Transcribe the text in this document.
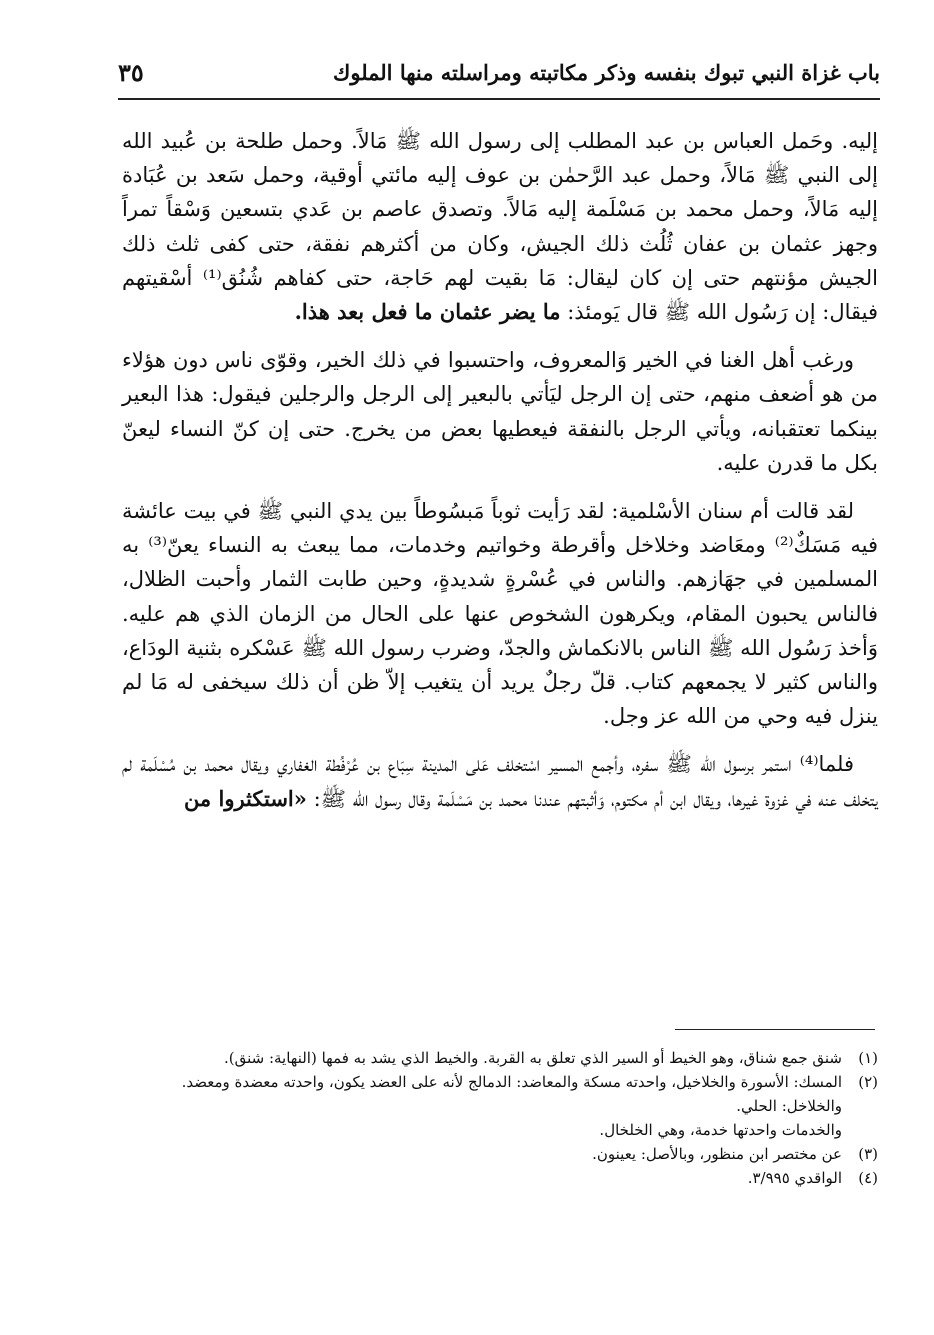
باب غزاة النبي تبوك بنفسه وذكر مكاتبته ومراسلته منها الملوك
٣٥

إليه. وحَمل العباس بن عبد المطلب إلى رسول الله ﷺ مَالاً. وحمل طلحة بن عُبيد الله إلى النبي ﷺ مَالاً، وحمل عبد الرَّحمٰن بن عوف إليه مائتي أوقية، وحمل سَعد بن عُبَادة إليه مَالاً، وحمل محمد بن مَسْلَمة إليه مَالاً. وتصدق عاصم بن عَدي بتسعين وَسْقاً تمراً وجهز عثمان بن عفان ثُلُث ذلك الجيش، وكان من أكثرهم نفقة، حتى كفى ثلث ذلك الجيش مؤنتهم حتى إن كان ليقال: مَا بقيت لهم حَاجة، حتى كفاهم شُنُق⁽¹⁾ أسْقيتهم فيقال: إن رَسُول الله ﷺ قال يَومئذ: ما يضر عثمان ما فعل بعد هذا.

ورغب أهل الغنا في الخير وَالمعروف، واحتسبوا في ذلك الخير، وقوّى ناس دون هؤلاء من هو أضعف منهم، حتى إن الرجل ليَأتي بالبعير إلى الرجل والرجلين فيقول: هذا البعير بينكما تعتقبانه، ويأتي الرجل بالنفقة فيعطيها بعض من يخرج. حتى إن كنّ النساء ليعنّ بكل ما قدرن عليه.

لقد قالت أم سنان الأسْلمية: لقد رَأيت ثوباً مَبسُوطاً بين يدي النبي ﷺ في بيت عائشة فيه مَسَكٌ⁽²⁾ ومعَاضد وخلاخل وأقرطة وخواتيم وخدمات، مما يبعث به النساء يعنّ⁽³⁾ به المسلمين في جهَازهم. والناس في عُسْرةٍ شديدةٍ، وحين طابت الثمار وأحبت الظلال، فالناس يحبون المقام، ويكرهون الشخوص عنها على الحال من الزمان الذي هم عليه. وَأخذ رَسُول الله ﷺ الناس بالانكماش والجدّ، وضرب رسول الله ﷺ عَسْكره بثنية الودَاع، والناس كثير لا يجمعهم كتاب. قلّ رجلٌ يريد أن يتغيب إلاّ ظن أن ذلك سيخفى له مَا لم ينزل فيه وحي من الله عز وجل.

فلما⁽⁴⁾ استمر برسول الله ﷺ سفره، وأجمع المسير اسْتخلف عَلى المدينة سِبَاع بن عُرْفُطة الغفاري ويقال محمد بن مُسْلَمة لم يتخلف عنه في غزوة غيرها، ويقال ابن أم مكتوم، وَأثبتهم عندنا محمد بن مَسْلَمة وقال رسول الله ﷺ: «استكثروا من

(١)
شنق جمع شناق، وهو الخيط أو السير الذي تعلق به القربة. والخيط الذي يشد به فمها (النهاية: شنق).
(٢)
المسك: الأسورة والخلاخيل، واحدته مسكة والمعاضد: الدمالج لأنه على العضد يكون، واحدته معضدة ومعضد.
والخلاخل: الحلي.
والخدمات واحدتها خدمة، وهي الخلخال.
(٣)
عن مختصر ابن منظور، وبالأصل: يعينون.
(٤)
الواقدي ٣/٩٩٥.
